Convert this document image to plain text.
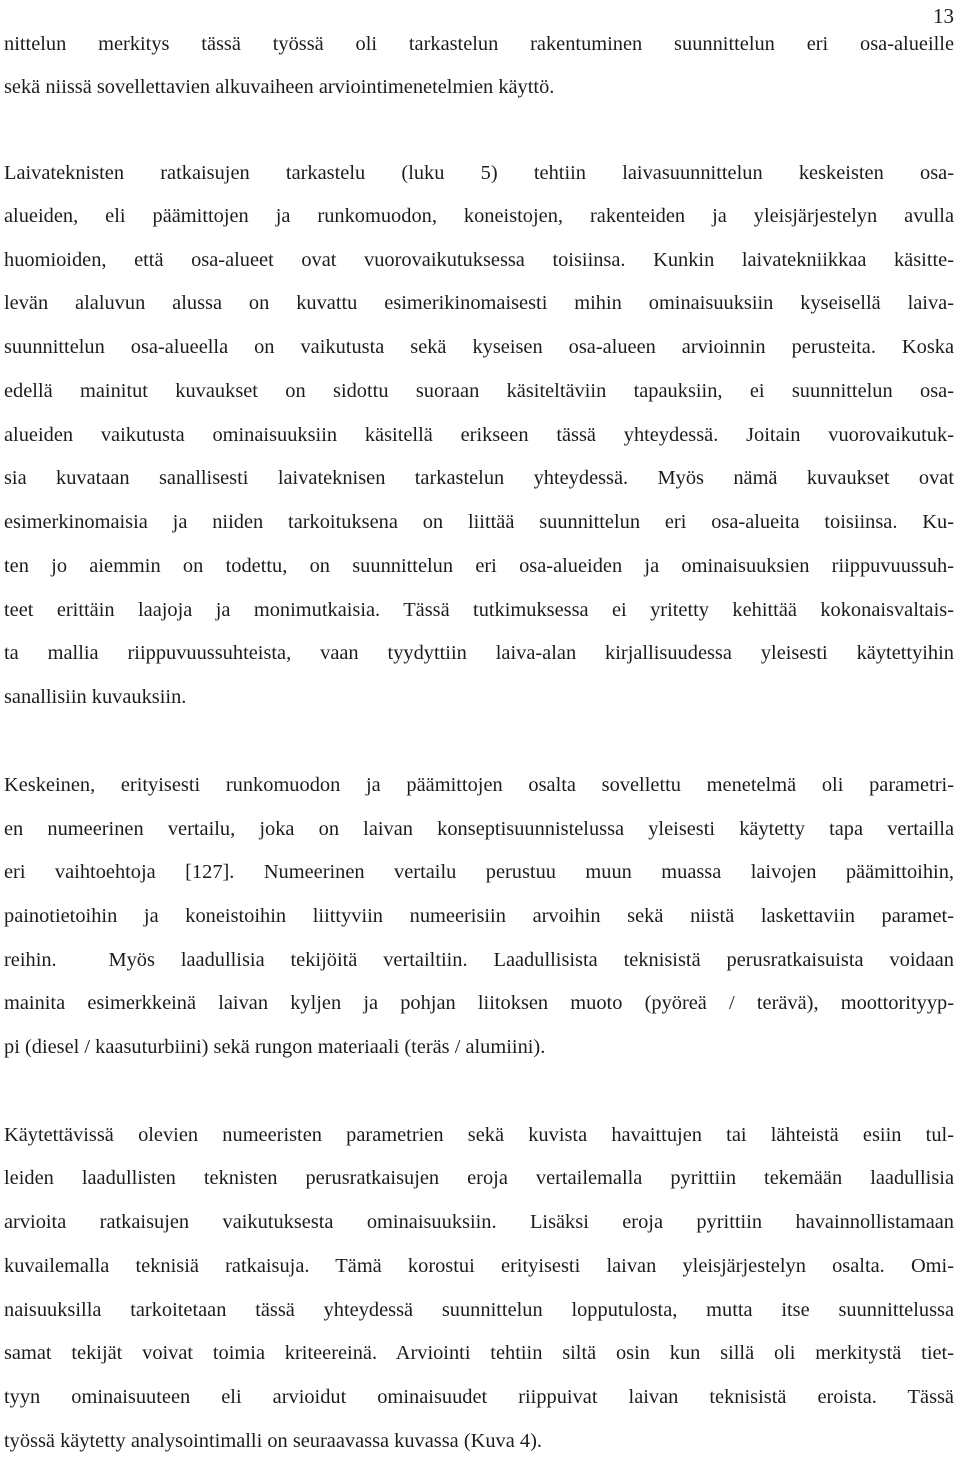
13
nittelun merkitys tässä työssä oli tarkastelun rakentuminen suunnittelun eri osa-alueille
sekä niissä sovellettavien alkuvaiheen arviointimenetelmien käyttö.
Laivateknisten ratkaisujen tarkastelu (luku 5) tehtiin laivasuunnittelun keskeisten osa-
alueiden, eli päämittojen ja runkomuodon, koneistojen, rakenteiden ja yleisjärjestelyn avulla
huomioiden, että osa-alueet ovat vuorovaikutuksessa toisiinsa. Kunkin laivatekniikkaa käsitte-
levän alaluvun alussa on kuvattu esimerikinomaisesti mihin ominaisuuksiin kyseisellä laiva-
suunnittelun osa-alueella on vaikutusta sekä kyseisen osa-alueen arvioinnin perusteita. Koska
edellä mainitut kuvaukset on sidottu suoraan käsiteltäviin tapauksiin, ei suunnittelun osa-
alueiden vaikutusta ominaisuuksiin käsitellä erikseen tässä yhteydessä. Joitain vuorovaikutuk-
sia kuvataan sanallisesti laivateknisen tarkastelun yhteydessä. Myös nämä kuvaukset ovat
esimerkinomaisia ja niiden tarkoituksena on liittää suunnittelun eri osa-alueita toisiinsa. Ku-
ten jo aiemmin on todettu, on suunnittelun eri osa-alueiden ja ominaisuuksien riippuvuussuh-
teet erittäin laajoja ja monimutkaisia. Tässä tutkimuksessa ei yritetty kehittää kokonaisvaltais-
ta mallia riippuvuussuhteista, vaan tyydyttiin laiva-alan kirjallisuudessa yleisesti käytettyihin
sanallisiin kuvauksiin.
Keskeinen, erityisesti runkomuodon ja päämittojen osalta sovellettu menetelmä oli parametri-
en numeerinen vertailu, joka on laivan konseptisuunnistelussa yleisesti käytetty tapa vertailla
eri vaihtoehtoja [127]. Numeerinen vertailu perustuu muun muassa laivojen päämittoihin,
painotietoihin ja koneistoihin liittyviin numeerisiin arvoihin sekä niistä laskettaviin paramet-
reihin.  Myös laadullisia tekijöitä vertailtiin. Laadullisista teknisistä perusratkaisuista voidaan
mainita esimerkkeinä laivan kyljen ja pohjan liitoksen muoto (pyöreä / terävä), moottorityyp-
pi (diesel / kaasuturbiini) sekä rungon materiaali (teräs / alumiini).
Käytettävissä olevien numeeristen parametrien sekä kuvista havaittujen tai lähteistä esiin tul-
leiden laadullisten teknisten perusratkaisujen eroja vertailemalla pyrittiin tekemään laadullisia
arvioita ratkaisujen vaikutuksesta ominaisuuksiin. Lisäksi eroja pyrittiin havainnollistamaan
kuvailemalla teknisiä ratkaisuja. Tämä korostui erityisesti laivan yleisjärjestelyn osalta. Omi-
naisuuksilla tarkoitetaan tässä yhteydessä suunnittelun lopputulosta, mutta itse suunnittelussa
samat tekijät voivat toimia kriteereinä. Arviointi tehtiin siltä osin kun sillä oli merkitystä tiet-
tyyn ominaisuuteen eli arvioidut ominaisuudet riippuivat laivan teknisistä eroista. Tässä
työssä käytetty analysointimalli on seuraavassa kuvassa (Kuva 4).
